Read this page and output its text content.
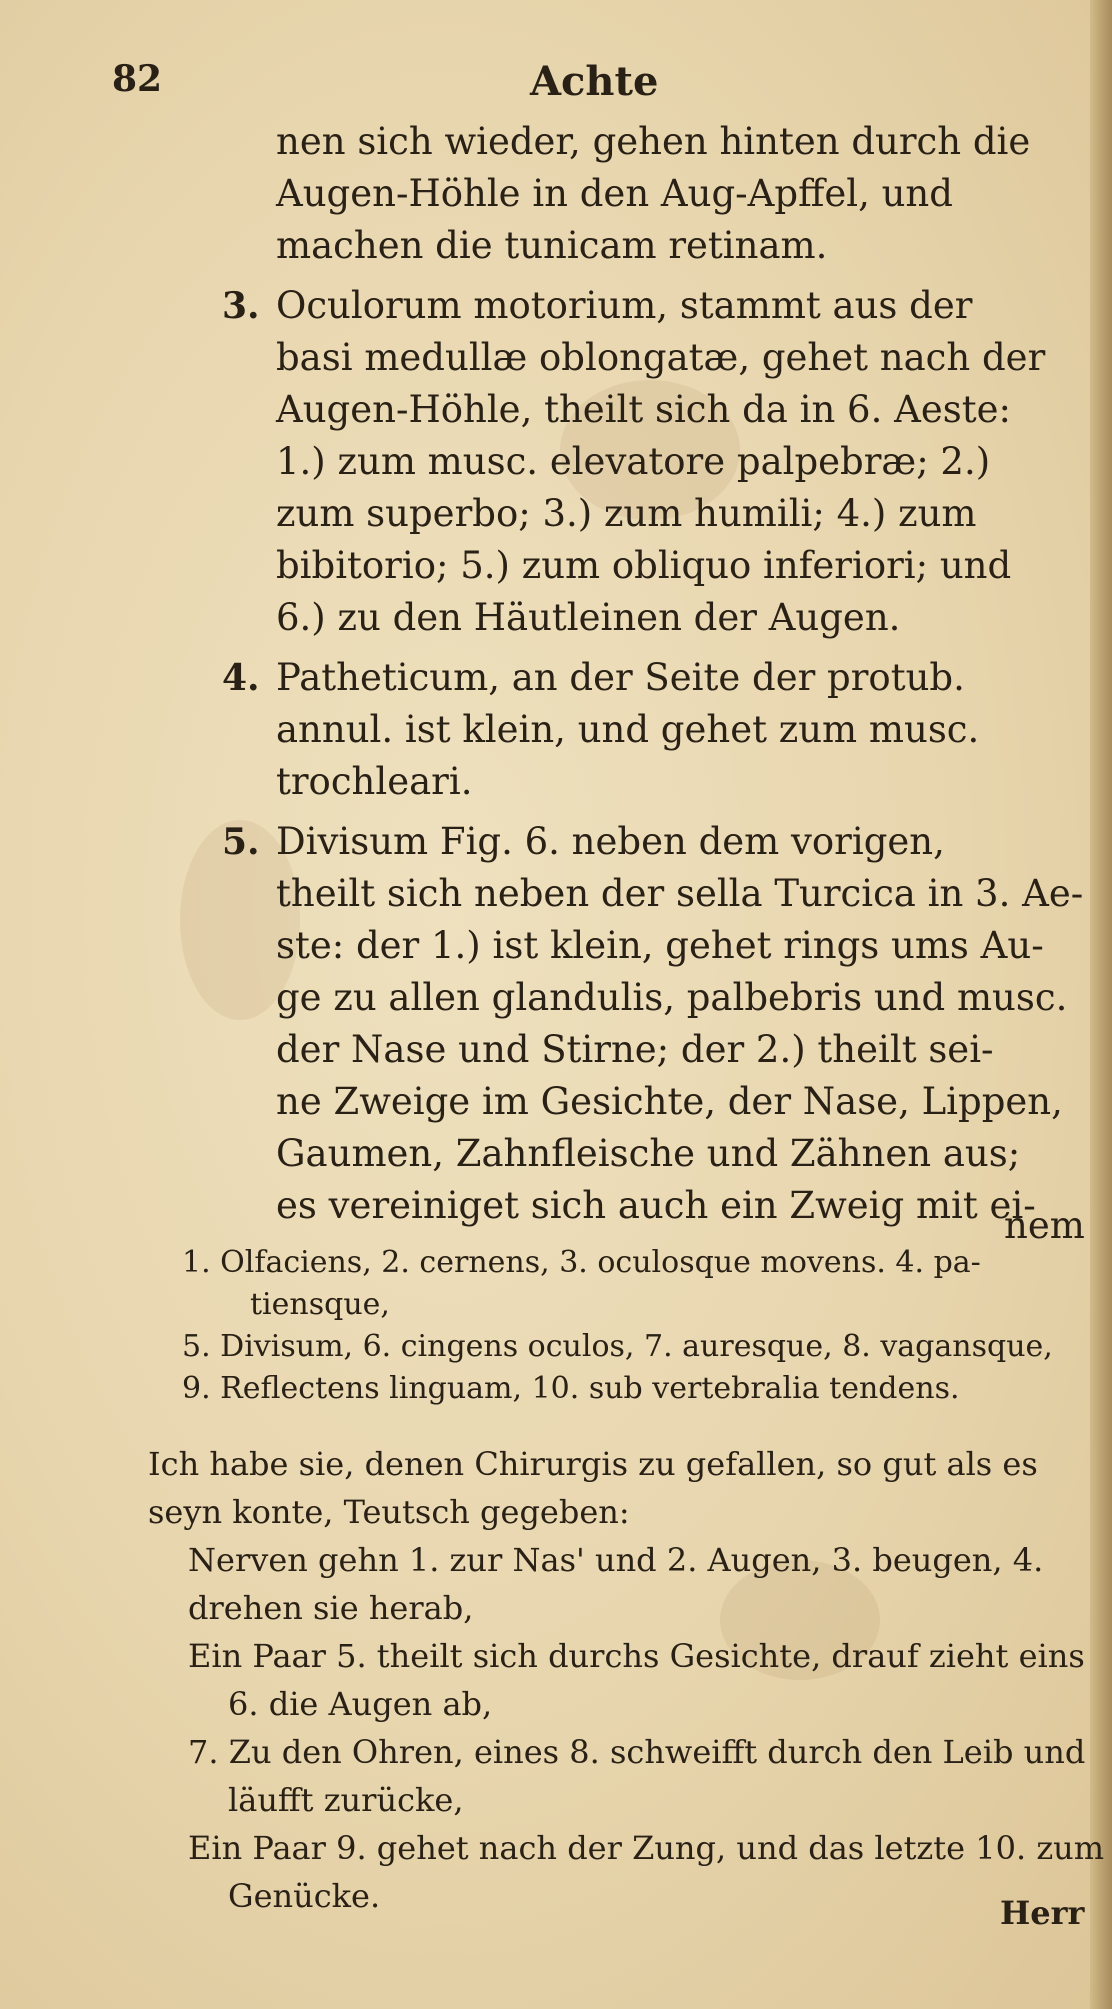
82	Achte
nen sich wieder, gehen hinten durch die
Augen-Höhle in den Aug-Apffel, und
machen die tunicam retinam.
3. Oculorum motorium, stammt aus der
basi medullæ oblongatæ, gehet nach der
Augen-Höhle, theilt sich da in 6. Aeste:
1.) zum musc. elevatore palpebræ; 2.)
zum superbo; 3.) zum humili; 4.) zum
bibitorio; 5.) zum obliquo inferiori; und
6.) zu den Häutleinen der Augen.
4. Patheticum, an der Seite der protub.
annul. ist klein, und gehet zum musc.
trochleari.
5. Divisum Fig. 6. neben dem vorigen,
theilt sich neben der sella Turcica in 3. Ae-
ste: der 1.) ist klein, gehet rings ums Au-
ge zu allen glandulis, palbebris und musc.
der Nase und Stirne; der 2.) theilt sei-
ne Zweige im Gesichte, der Nase, Lippen,
Gaumen, Zahnfleische und Zähnen aus;
es vereiniget sich auch ein Zweig mit ei-
nem
1. Olfaciens, 2. cernens, 3. oculosque movens. 4. pa-
tiensque,
5. Divisum, 6. cingens oculos, 7. auresque, 8. vagansque,
9. Reflectens linguam, 10. sub vertebralia tendens.
Ich habe sie, denen Chirurgis zu gefallen, so gut als es
seyn konte, Teutsch gegeben:
Nerven gehn 1. zur Nas' und 2. Augen, 3. beugen, 4.
drehen sie herab,
Ein Paar 5. theilt sich durchs Gesichte, drauf zieht eins
6. die Augen ab,
7. Zu den Ohren, eines 8. schweifft durch den Leib und
läufft zurücke,
Ein Paar 9. gehet nach der Zung, und das letzte 10. zum
Genücke.	Herr
